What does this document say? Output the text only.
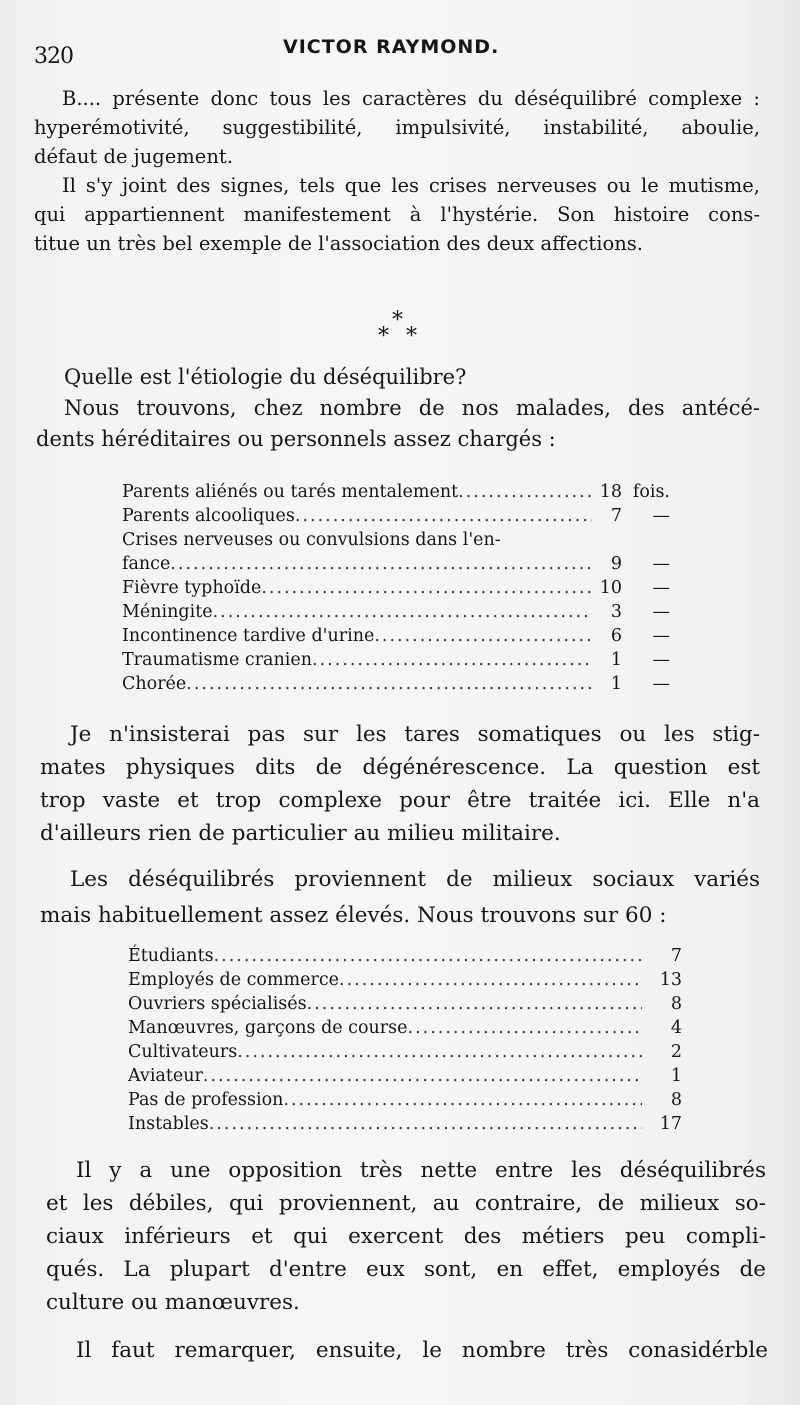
320	VICTOR RAYMOND.
B.... présente donc tous les caractères du déséquilibré complexe :
hyperémotivité, suggestibilité, impulsivité, instabilité, aboulie,
défaut de jugement.
Il s'y joint des signes, tels que les crises nerveuses ou le mutisme,
qui appartiennent manifestement à l'hystérie. Son histoire cons-
titue un très bel exemple de l'association des deux affections.
*
* *
Quelle est l'étiologie du déséquilibre?
Nous trouvons, chez nombre de nos malades, des antécé-
dents héréditaires ou personnels assez chargés :
Parents aliénés ou tarés mentalement .....	18 fois.
Parents alcooliques .....	7	—
Crises nerveuses ou convulsions dans l'en-
fance .....	9	—
Fièvre typhoïde .....	10	—
Méningite .....	3	—
Incontinence tardive d'urine .....	6	—
Traumatisme cranien .....	1	—
Chorée .....	1	—
Je n'insisterai pas sur les tares somatiques ou les stig-
mates physiques dits de dégénérescence. La question est
trop vaste et trop complexe pour être traitée ici. Elle n'a
d'ailleurs rien de particulier au milieu militaire.
Les déséquilibrés proviennent de milieux sociaux variés
mais habituellement assez élevés. Nous trouvons sur 60 :
Étudiants .....	7
Employés de commerce .....	13
Ouvriers spécialisés .....	8
Manœuvres, garçons de course .....	4
Cultivateurs .....	2
Aviateur .....	1
Pas de profession .....	8
Instables .....	17
Il y a une opposition très nette entre les déséquilibrés
et les débiles, qui proviennent, au contraire, de milieux so-
ciaux inférieurs et qui exercent des métiers peu compli-
qués. La plupart d'entre eux sont, en effet, employés de
culture ou manœuvres.
Il faut remarquer, ensuite, le nombre très conasidérble
